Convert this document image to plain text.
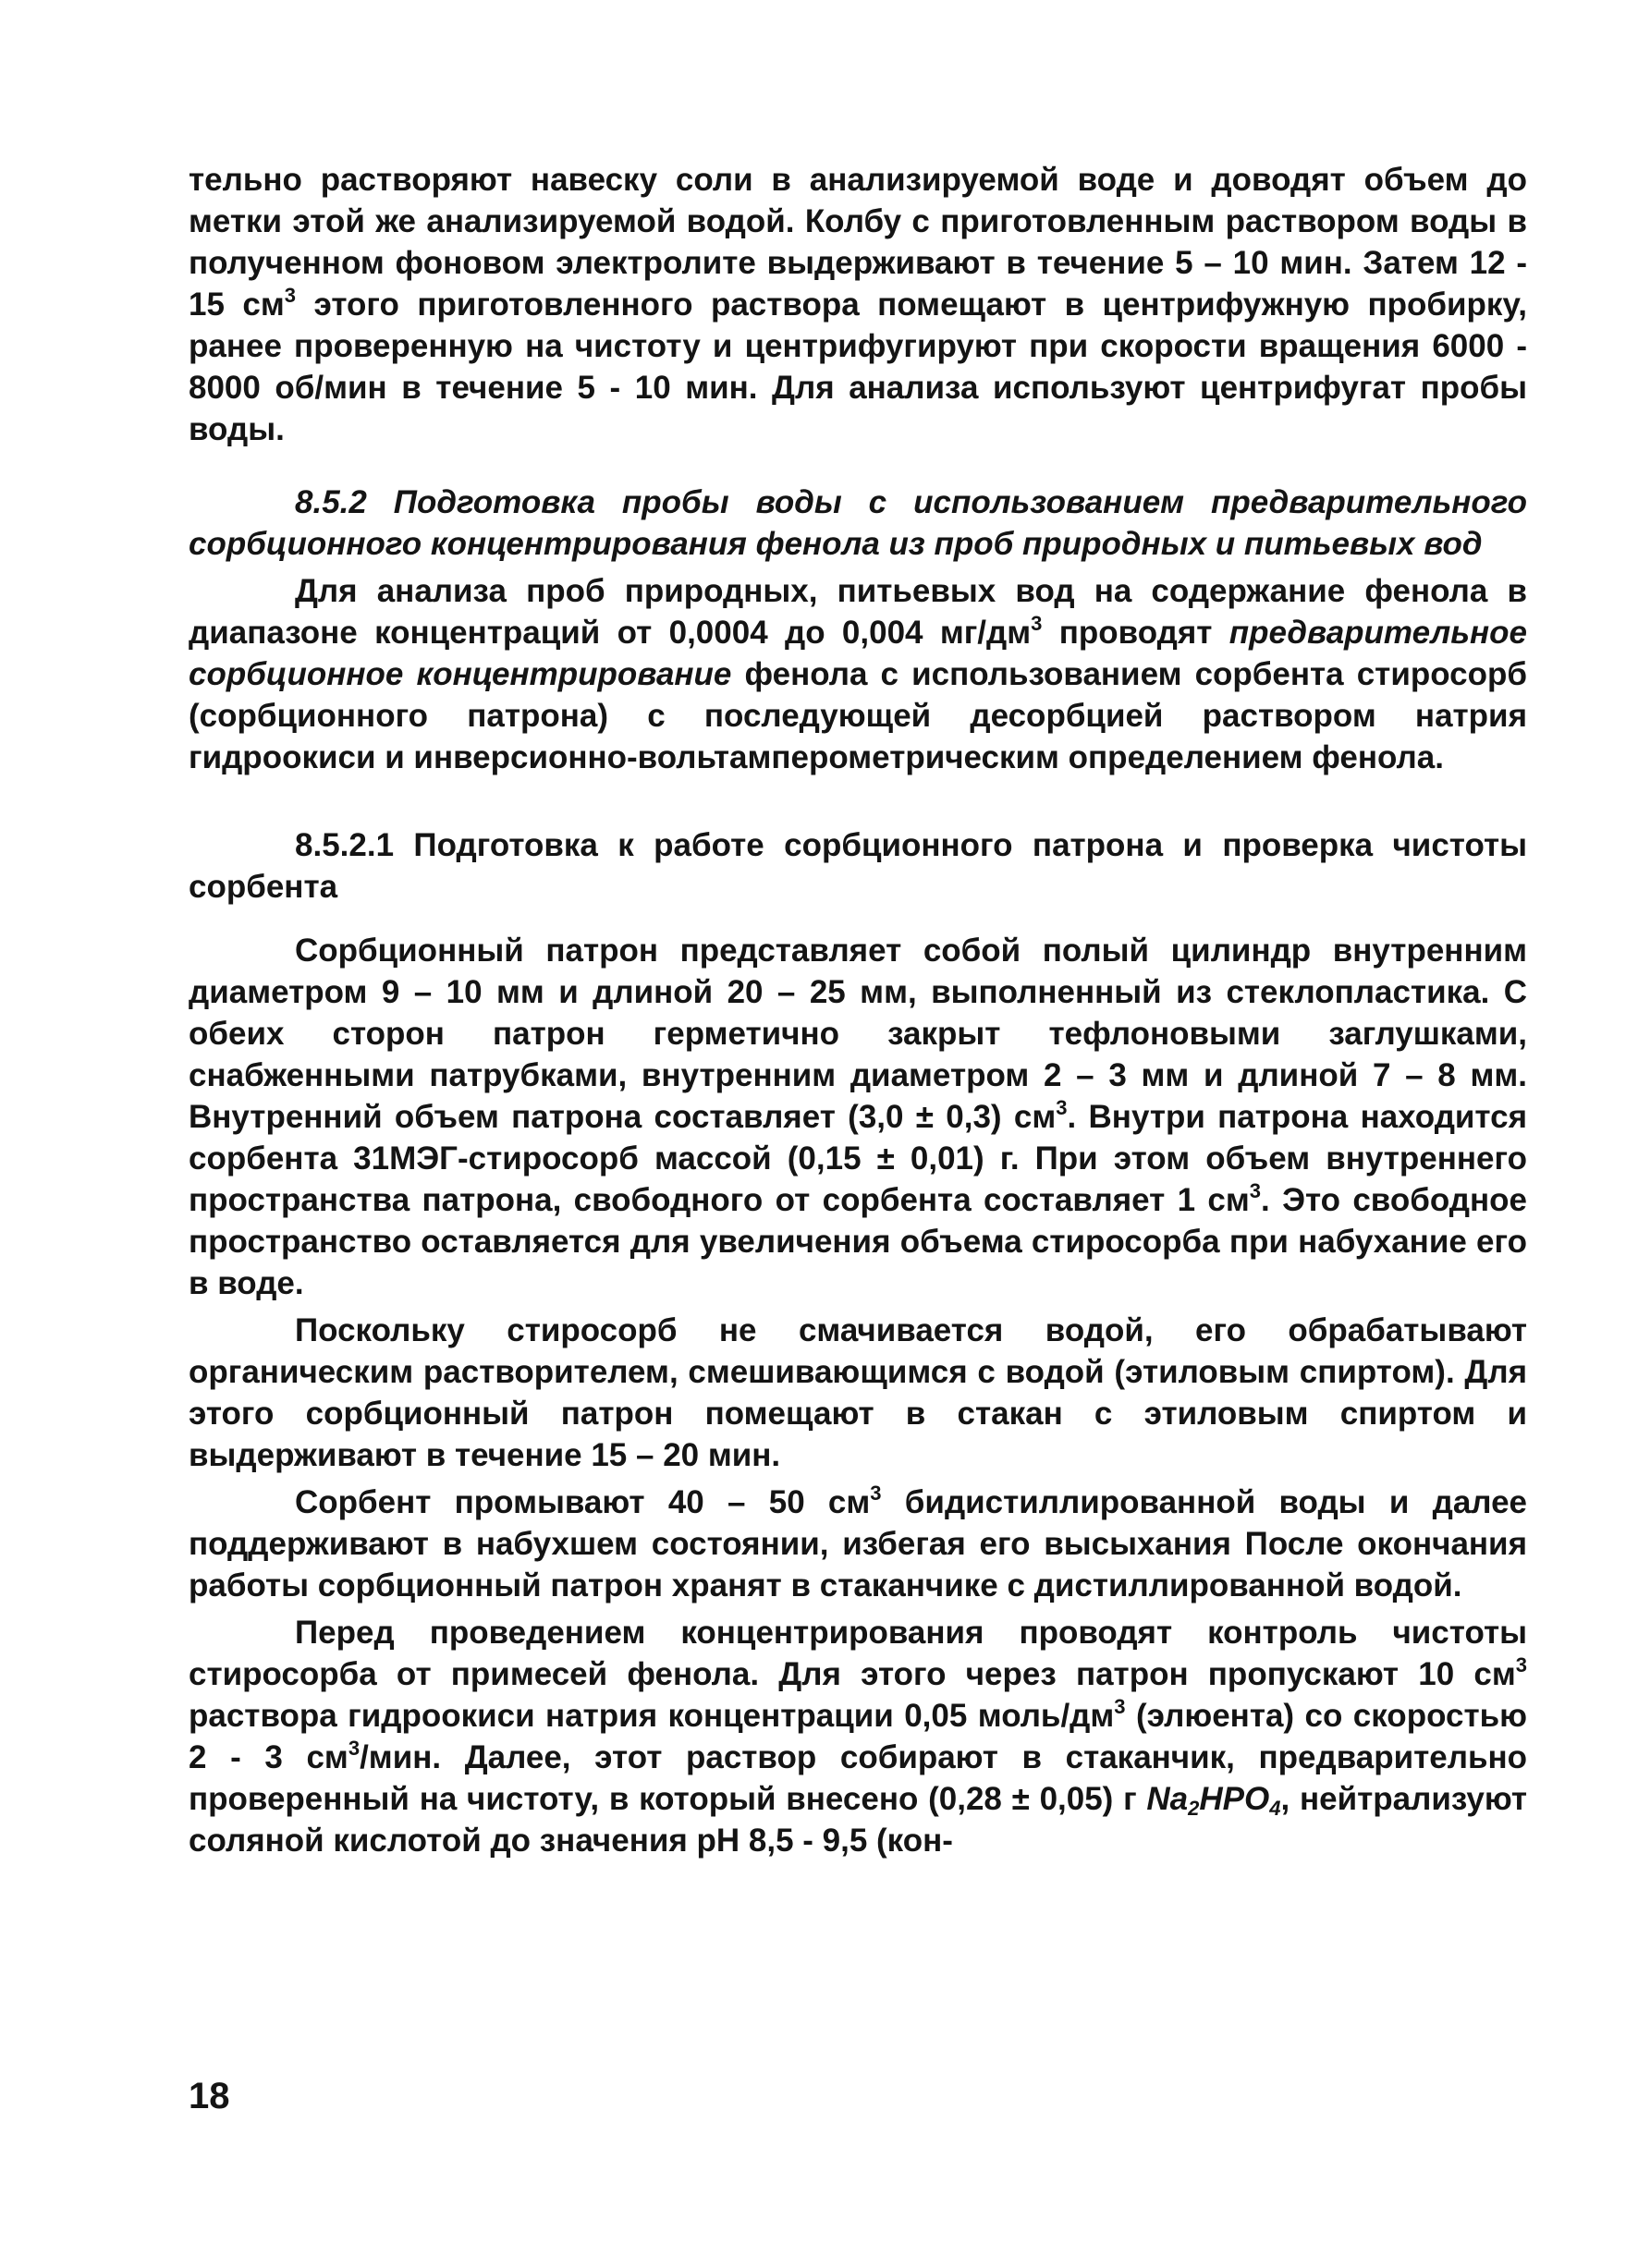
тельно растворяют навеску соли в анализируемой воде и доводят объем до метки этой же анализируемой водой. Колбу с приготовленным раствором воды в полученном фоновом электролите выдерживают в течение 5 – 10 мин. Затем 12 - 15 $см^3$ этого приготовленного раствора помещают в центрифужную пробирку, ранее проверенную на чистоту и центрифугируют при скорости вращения 6000 - 8000 об/мин в течение 5 - 10 мин. Для анализа используют центрифугат пробы воды.

8.5.2 Подготовка пробы воды с использованием предварительного сорбционного концентрирования фенола из проб природных и питьевых вод

Для анализа проб природных, питьевых вод на содержание фенола в диапазоне концентраций от 0,0004 до 0,004 $мг/дм^3$ проводят предварительное сорбционное концентрирование фенола с использованием сорбента стиросорб (сорбционного патрона) с последующей десорбцией раствором натрия гидроокиси и инверсионно-вольтамперометрическим определением фенола.

8.5.2.1 Подготовка к работе сорбционного патрона и проверка чистоты сорбента

Сорбционный патрон представляет собой полый цилиндр внутренним диаметром 9 – 10 мм и длиной 20 – 25 мм, выполненный из стеклопластика. С обеих сторон патрон герметично закрыт тефлоновыми заглушками, снабженными патрубками, внутренним диаметром 2 – 3 мм и длиной 7 – 8 мм. Внутренний объем патрона составляет (3,0 ± 0,3) $см^3$. Внутри патрона находится сорбента 31МЭГ-стиросорб массой (0,15 ± 0,01) г. При этом объем внутреннего пространства патрона, свободного от сорбента составляет 1 $см^3$. Это свободное пространство оставляется для увеличения объема стиросорба при набухание его в воде.

Поскольку стиросорб не смачивается водой, его обрабатывают органическим растворителем, смешивающимся с водой (этиловым спиртом). Для этого сорбционный патрон помещают в стакан с этиловым спиртом и выдерживают в течение 15 – 20 мин.

Сорбент промывают 40 – 50 $см^3$ бидистиллированной воды и далее поддерживают в набухшем состоянии, избегая его высыхания После окончания работы сорбционный патрон хранят в стаканчике с дистиллированной водой.

Перед проведением концентрирования проводят контроль чистоты стиросорба от примесей фенола. Для этого через патрон пропускают 10 $см^3$ раствора гидроокиси натрия концентрации 0,05 моль/$дм^3$ (элюента) со скоростью 2 - 3 $см^3$/мин. Далее, этот раствор собирают в стаканчик, предварительно проверенный на чистоту, в который внесено (0,28 ± 0,05) г $Na_2HPO_4$, нейтрализуют соляной кислотой до значения рН 8,5 - 9,5 (кон-

18
